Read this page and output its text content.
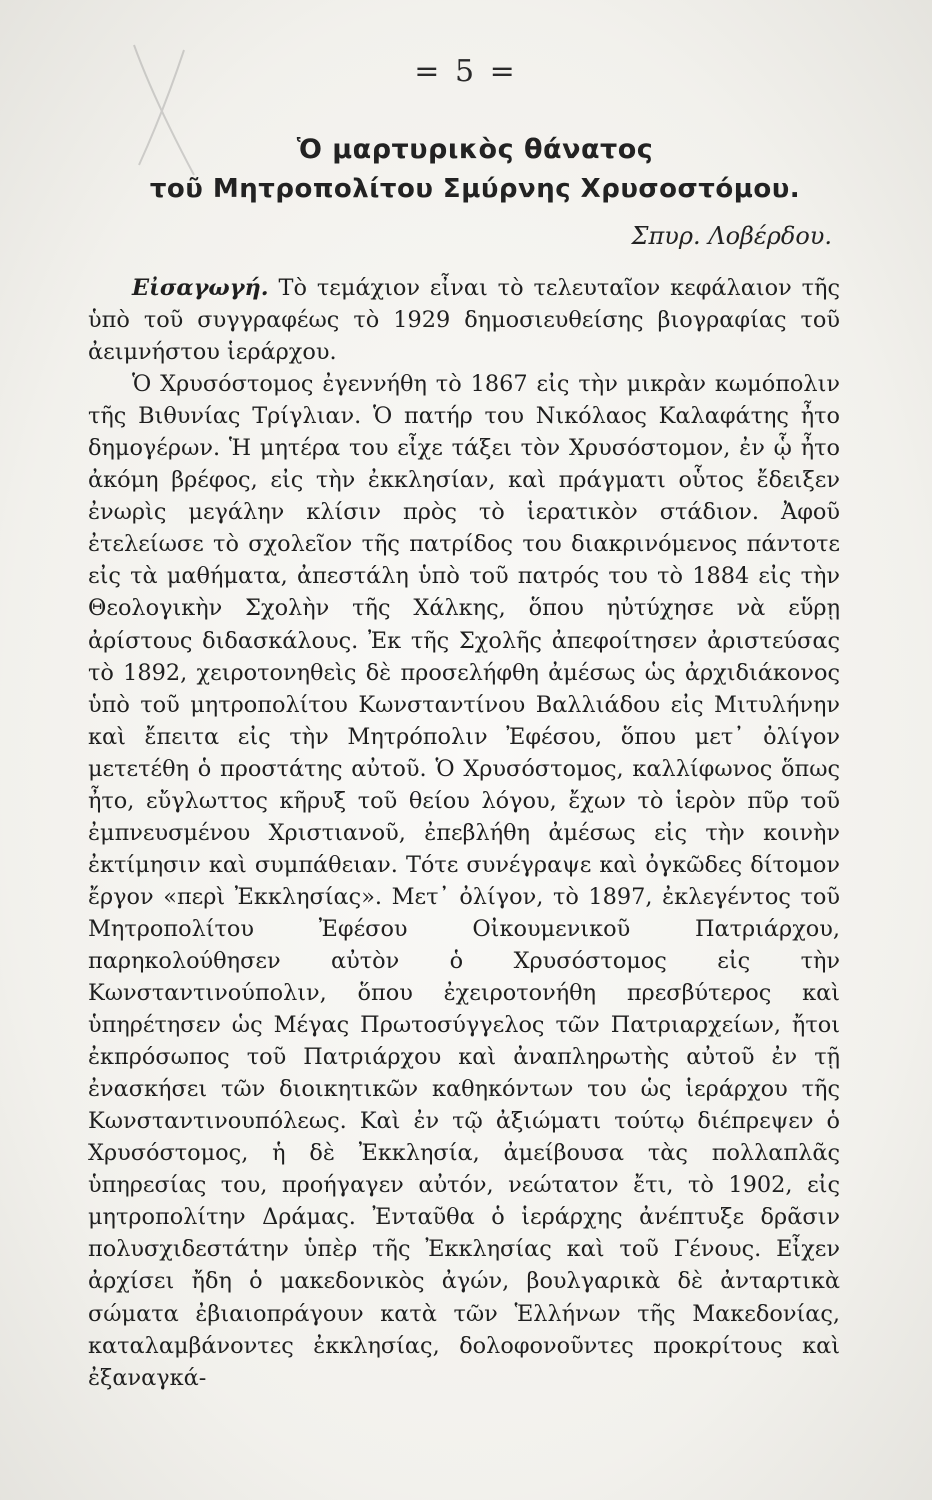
= 5 =
Ὁ μαρτυρικὸς θάνατος
τοῦ Μητροπολίτου Σμύρνης Χρυσοστόμου.
Σπυρ. Λοβέρδου.

Εἰσαγωγή. Τὸ τεμάχιον εἶναι τὸ τελευταῖον κεφάλαιον τῆς ὑπὸ τοῦ συγγραφέως τὸ 1929 δημοσιευθείσης βιογραφίας τοῦ ἀειμνήστου ἱεράρχου.

Ὁ Χρυσόστομος ἐγεννήθη τὸ 1867 εἰς τὴν μικρὰν κωμόπολιν τῆς Βιθυνίας Τρίγλιαν. Ὁ πατήρ του Νικόλαος Καλαφάτης ἦτο δημογέρων. Ἡ μητέρα του εἶχε τάξει τὸν Χρυσόστομον, ἐν ᾧ ἦτο ἀκόμη βρέφος, εἰς τὴν ἐκκλησίαν, καὶ πράγματι οὗτος ἔδειξεν ἐνωρὶς μεγάλην κλίσιν πρὸς τὸ ἱερατικὸν στάδιον. Ἀφοῦ ἐτελείωσε τὸ σχολεῖον τῆς πατρίδος του διακρινόμενος πάντοτε εἰς τὰ μαθήματα, ἀπεστάλη ὑπὸ τοῦ πατρός του τὸ 1884 εἰς τὴν Θεολογικὴν Σχολὴν τῆς Χάλκης, ὅπου ηὐτύχησε νὰ εὕρῃ ἀρίστους διδασκάλους. Ἐκ τῆς Σχολῆς ἀπεφοίτησεν ἀριστεύσας τὸ 1892, χειροτονηθεὶς δὲ προσελήφθη ἀμέσως ὡς ἀρχιδιάκονος ὑπὸ τοῦ μητροπολίτου Κωνσταντίνου Βαλλιάδου εἰς Μιτυλήνην καὶ ἔπειτα εἰς τὴν Μητρόπολιν Ἐφέσου, ὅπου μετ᾽ ὀλίγον μετετέθη ὁ προστάτης αὐτοῦ. Ὁ Χρυσόστομος, καλλίφωνος ὅπως ἦτο, εὔγλωττος κῆρυξ τοῦ θείου λόγου, ἔχων τὸ ἱερὸν πῦρ τοῦ ἐμπνευσμένου Χριστιανοῦ, ἐπεβλήθη ἀμέσως εἰς τὴν κοινὴν ἐκτίμησιν καὶ συμπάθειαν. Τότε συνέγραψε καὶ ὀγκῶδες δίτομον ἔργον «περὶ Ἐκκλησίας». Μετ᾽ ὀλίγον, τὸ 1897, ἐκλεγέντος τοῦ Μητροπολίτου Ἐφέσου Οἰκουμενικοῦ Πατριάρχου, παρηκολούθησεν αὐτὸν ὁ Χρυσόστομος εἰς τὴν Κωνσταντινούπολιν, ὅπου ἐχειροτονήθη πρεσβύτερος καὶ ὑπηρέτησεν ὡς Μέγας Πρωτοσύγγελος τῶν Πατριαρχείων, ἤτοι ἐκπρόσωπος τοῦ Πατριάρχου καὶ ἀναπληρωτὴς αὐτοῦ ἐν τῇ ἐνασκήσει τῶν διοικητικῶν καθηκόντων του ὡς ἱεράρχου τῆς Κωνσταντινουπόλεως. Καὶ ἐν τῷ ἀξιώματι τούτῳ διέπρεψεν ὁ Χρυσόστομος, ἡ δὲ Ἐκκλησία, ἀμείβουσα τὰς πολλαπλᾶς ὑπηρεσίας του, προήγαγεν αὐτόν, νεώτατον ἔτι, τὸ 1902, εἰς μητροπολίτην Δράμας. Ἐνταῦθα ὁ ἱεράρχης ἀνέπτυξε δρᾶσιν πολυσχιδεστάτην ὑπὲρ τῆς Ἐκκλησίας καὶ τοῦ Γένους. Εἶχεν ἀρχίσει ἤδη ὁ μακεδονικὸς ἀγών, βουλγαρικὰ δὲ ἀνταρτικὰ σώματα ἐβιαιοπράγουν κατὰ τῶν Ἑλλήνων τῆς Μακεδονίας, καταλαμβάνοντες ἐκκλησίας, δολοφονοῦντες προκρίτους καὶ ἐξαναγκά-
